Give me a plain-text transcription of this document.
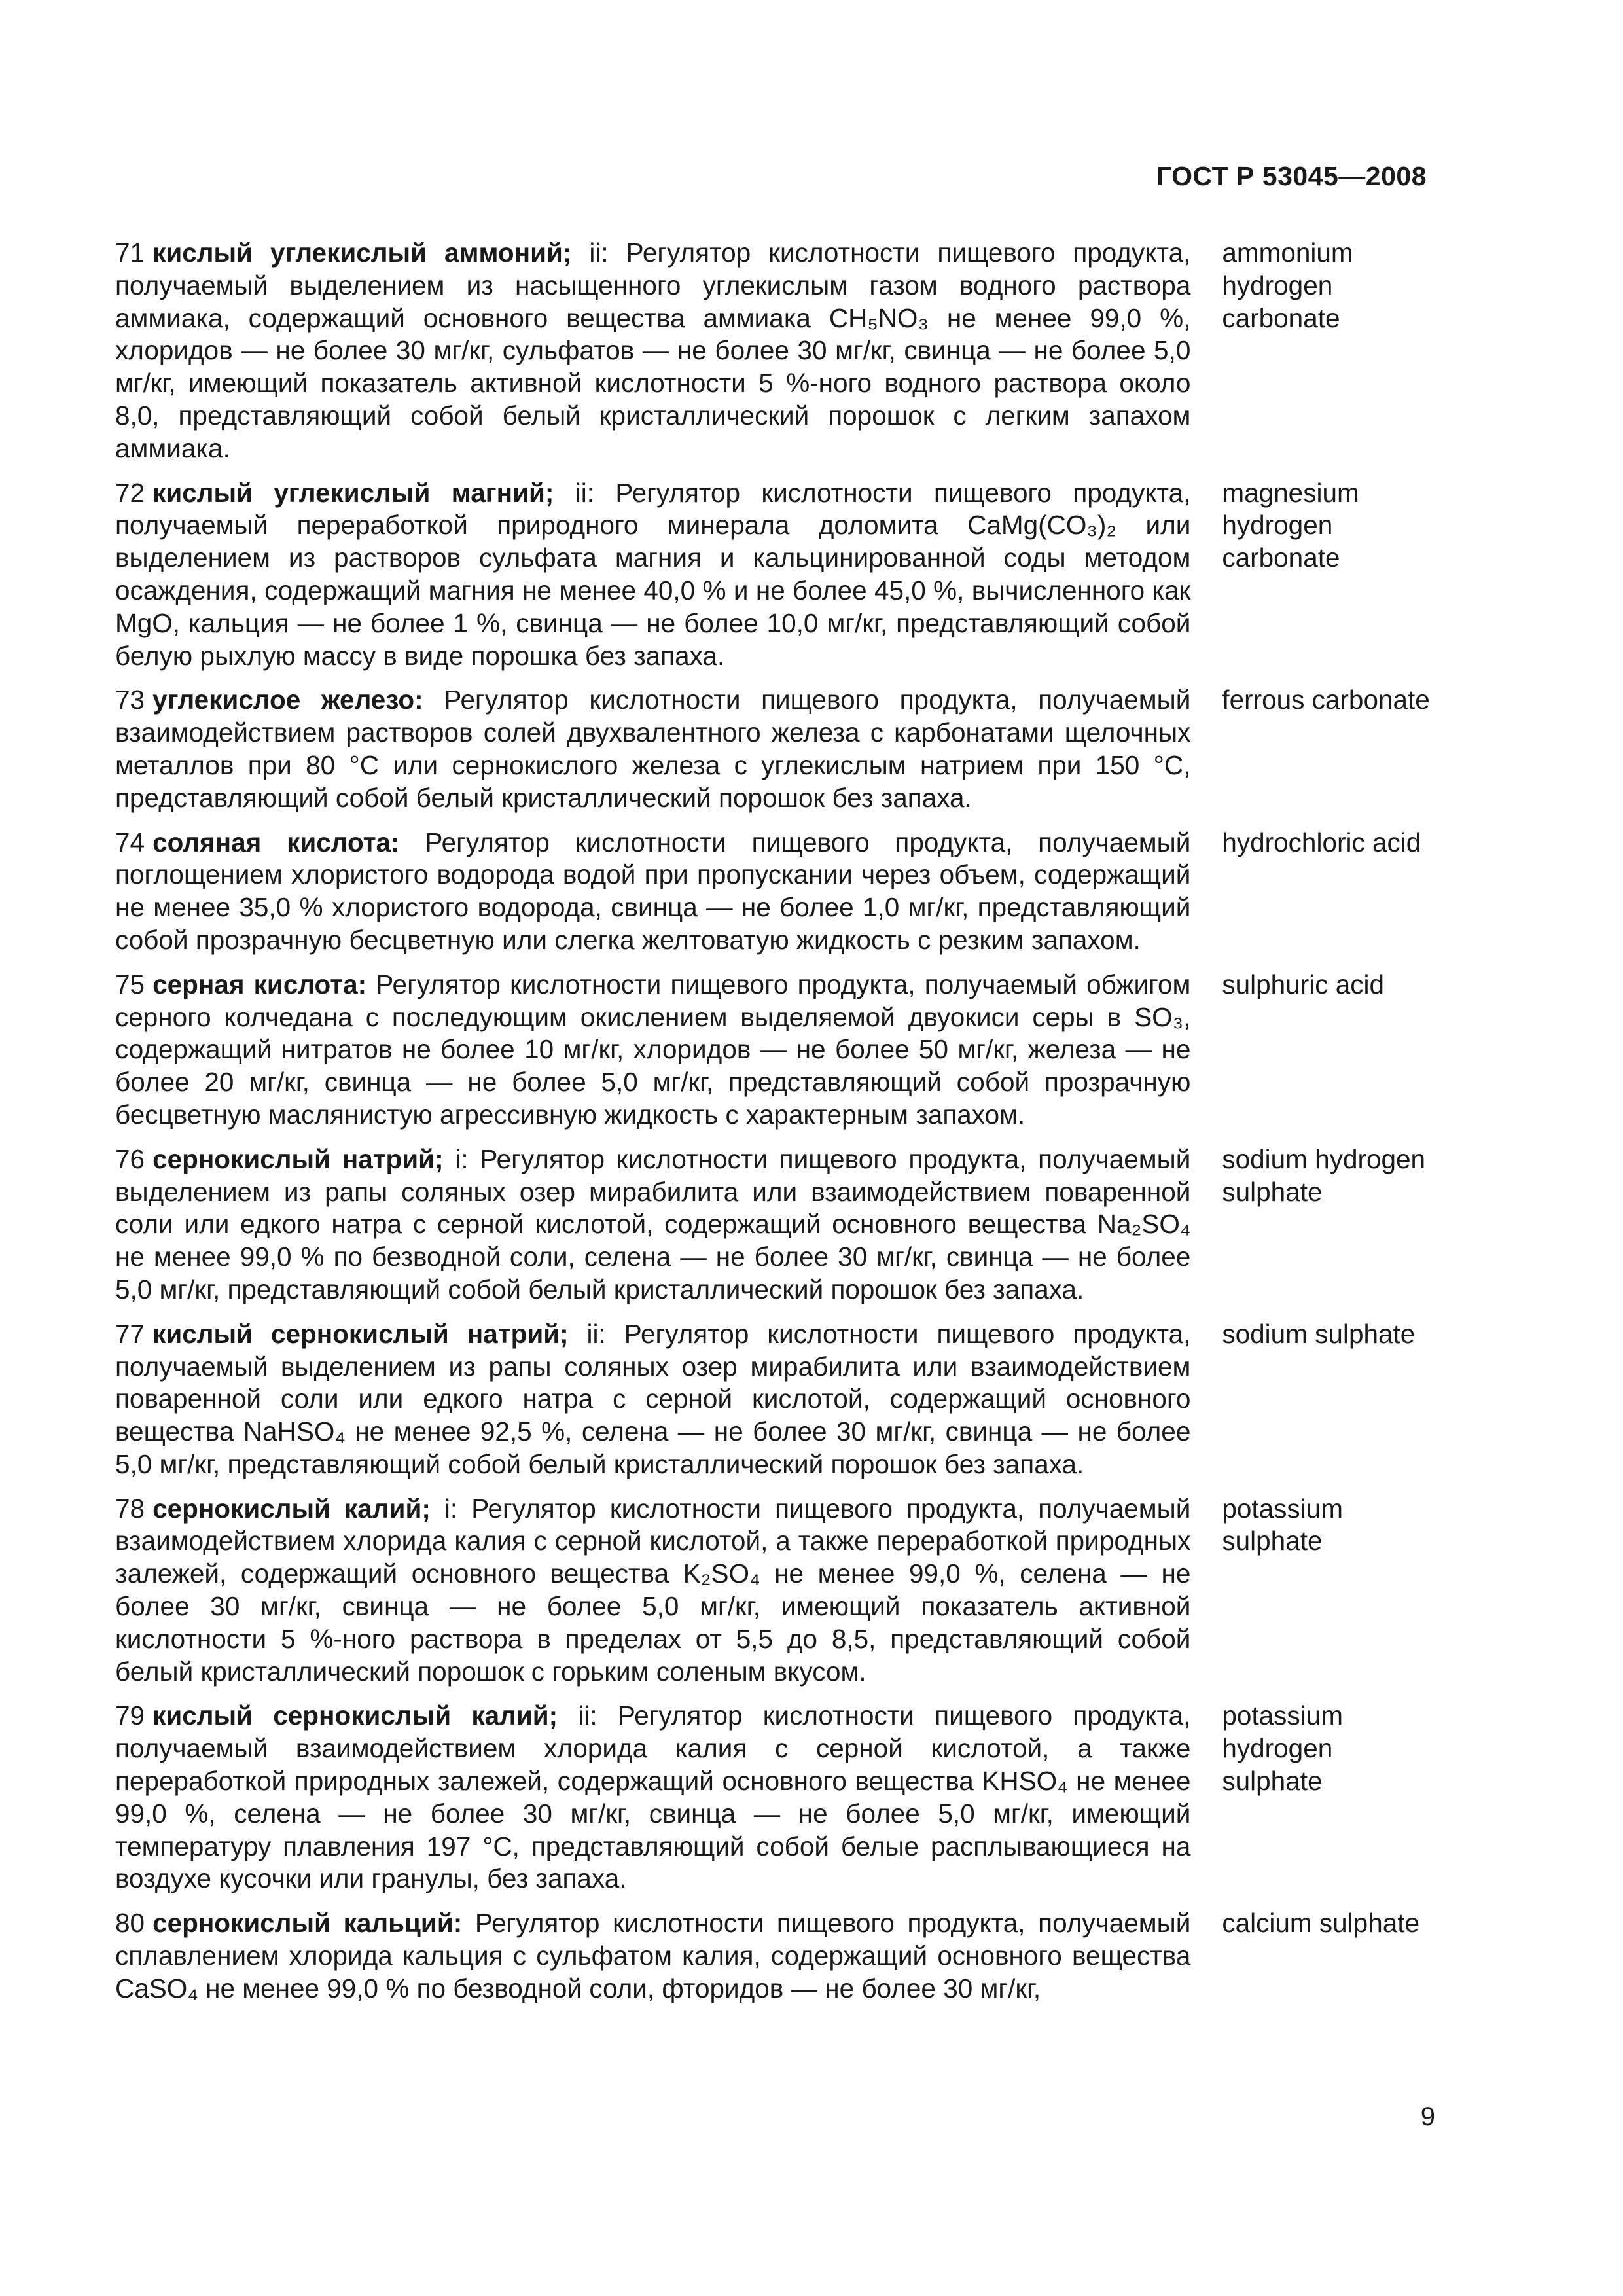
ГОСТ Р 53045—2008
71 кислый углекислый аммоний; ii: Регулятор кислотности пищевого продукта, получаемый выделением из насыщенного углекислым газом водного раствора аммиака, содержащий основного вещества аммиака CH₅NO₃ не менее 99,0 %, хлоридов — не более 30 мг/кг, сульфатов — не более 30 мг/кг, свинца — не более 5,0 мг/кг, имеющий показатель активной кислотности 5 %-ного водного раствора около 8,0, представляющий собой белый кристаллический порошок с легким запахом аммиака.
ammonium
hydrogen
carbonate
72 кислый углекислый магний; ii: Регулятор кислотности пищевого продукта, получаемый переработкой природного минерала доломита CaMg(CO₃)₂ или выделением из растворов сульфата магния и кальцинированной соды методом осаждения, содержащий магния не менее 40,0 % и не более 45,0 %, вычисленного как MgO, кальция — не более 1 %, свинца — не более 10,0 мг/кг, представляющий собой белую рыхлую массу в виде порошка без запаха.
magnesium
hydrogen
carbonate
73 углекислое железо: Регулятор кислотности пищевого продукта, получаемый взаимодействием растворов солей двухвалентного железа с карбонатами щелочных металлов при 80 °С или сернокислого железа с углекислым натрием при 150 °С, представляющий собой белый кристаллический порошок без запаха.
ferrous carbonate
74 соляная кислота: Регулятор кислотности пищевого продукта, получаемый поглощением хлористого водорода водой при пропускании через объем, содержащий не менее 35,0 % хлористого водорода, свинца — не более 1,0 мг/кг, представляющий собой прозрачную бесцветную или слегка желтоватую жидкость с резким запахом.
hydrochloric acid
75 серная кислота: Регулятор кислотности пищевого продукта, получаемый обжигом серного колчедана с последующим окислением выделяемой двуокиси серы в SO₃, содержащий нитратов не более 10 мг/кг, хлоридов — не более 50 мг/кг, железа — не более 20 мг/кг, свинца — не более 5,0 мг/кг, представляющий собой прозрачную бесцветную маслянистую агрессивную жидкость с характерным запахом.
sulphuric acid
76 сернокислый натрий; i: Регулятор кислотности пищевого продукта, получаемый выделением из рапы соляных озер мирабилита или взаимодействием поваренной соли или едкого натра с серной кислотой, содержащий основного вещества Na₂SO₄ не менее 99,0 % по безводной соли, селена — не более 30 мг/кг, свинца — не более 5,0 мг/кг, представляющий собой белый кристаллический порошок без запаха.
sodium hydrogen
sulphate
77 кислый сернокислый натрий; ii: Регулятор кислотности пищевого продукта, получаемый выделением из рапы соляных озер мирабилита или взаимодействием поваренной соли или едкого натра с серной кислотой, содержащий основного вещества NaHSO₄ не менее 92,5 %, селена — не более 30 мг/кг, свинца — не более 5,0 мг/кг, представляющий собой белый кристаллический порошок без запаха.
sodium sulphate
78 сернокислый калий; i: Регулятор кислотности пищевого продукта, получаемый взаимодействием хлорида калия с серной кислотой, а также переработкой природных залежей, содержащий основного вещества K₂SO₄ не менее 99,0 %, селена — не более 30 мг/кг, свинца — не более 5,0 мг/кг, имеющий показатель активной кислотности 5 %-ного раствора в пределах от 5,5 до 8,5, представляющий собой белый кристаллический порошок с горьким соленым вкусом.
potassium
sulphate
79 кислый сернокислый калий; ii: Регулятор кислотности пищевого продукта, получаемый взаимодействием хлорида калия с серной кислотой, а также переработкой природных залежей, содержащий основного вещества KHSO₄ не менее 99,0 %, селена — не более 30 мг/кг, свинца — не более 5,0 мг/кг, имеющий температуру плавления 197 °С, представляющий собой белые расплывающиеся на воздухе кусочки или гранулы, без запаха.
potassium
hydrogen
sulphate
80 сернокислый кальций: Регулятор кислотности пищевого продукта, получаемый сплавлением хлорида кальция с сульфатом калия, содержащий основного вещества CaSO₄ не менее 99,0 % по безводной соли, фторидов — не более 30 мг/кг,
calcium sulphate
9
